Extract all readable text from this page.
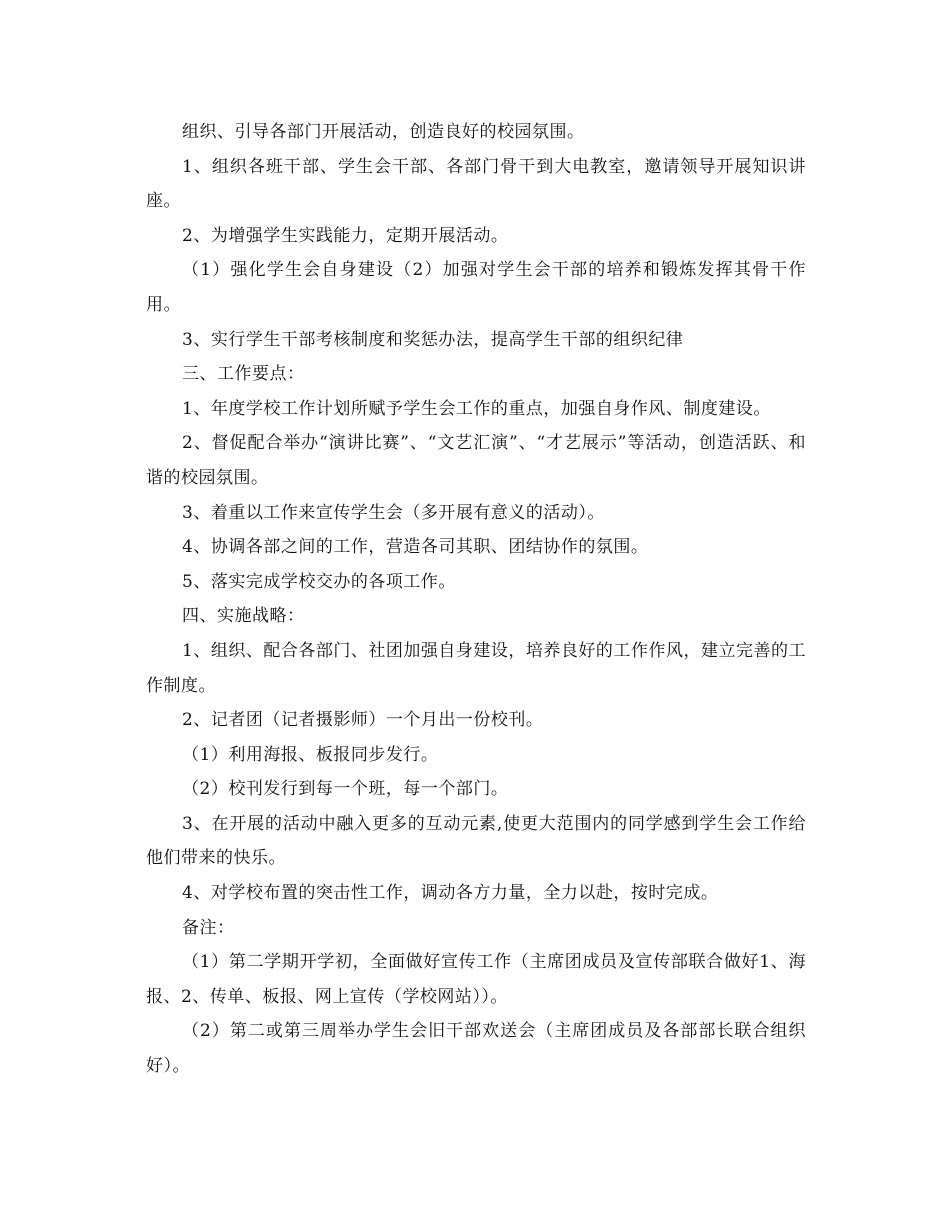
组织、引导各部门开展活动，创造良好的校园氛围。

1、组织各班干部、学生会干部、各部门骨干到大电教室，邀请领导开展知识讲座。

2、为增强学生实践能力，定期开展活动。

（1）强化学生会自身建设（2）加强对学生会干部的培养和锻炼发挥其骨干作用。

3、实行学生干部考核制度和奖惩办法，提高学生干部的组织纪律

三、工作要点：

1、年度学校工作计划所赋予学生会工作的重点，加强自身作风、制度建设。

2、督促配合举办“演讲比赛”、“文艺汇演”、“才艺展示”等活动，创造活跃、和谐的校园氛围。

3、着重以工作来宣传学生会（多开展有意义的活动）。

4、协调各部之间的工作，营造各司其职、团结协作的氛围。

5、落实完成学校交办的各项工作。

四、实施战略：

1、组织、配合各部门、社团加强自身建设，培养良好的工作作风，建立完善的工作制度。

2、记者团（记者摄影师）一个月出一份校刊。

（1）利用海报、板报同步发行。

（2）校刊发行到每一个班，每一个部门。

3、在开展的活动中融入更多的互动元素,使更大范围内的同学感到学生会工作给他们带来的快乐。

4、对学校布置的突击性工作，调动各方力量，全力以赴，按时完成。

备注：

（1）第二学期开学初，全面做好宣传工作（主席团成员及宣传部联合做好1、海报、2、传单、板报、网上宣传（学校网站））。

（2）第二或第三周举办学生会旧干部欢送会（主席团成员及各部部长联合组织好）。
